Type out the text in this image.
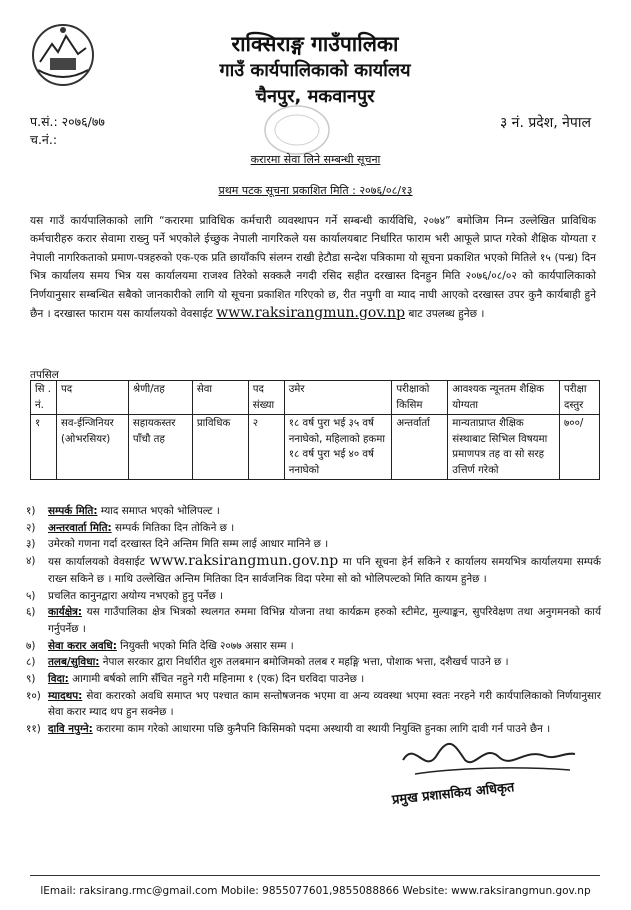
राक्सिराङ्ग गाउँपालिका
गाउँ कार्यपालिकाको कार्यालय
चैनपुर, मकवानपुर
प.सं.: २०७६/७७
च.नं.:
३ नं. प्रदेश, नेपाल
करारमा सेवा लिने सम्बन्धी सूचना
प्रथम पटक सूचना प्रकाशित मिति : २०७६/०८/१३
यस गाउँ कार्यपालिकाको लागि “करारमा प्राविधिक कर्मचारी व्यवस्थापन गर्ने सम्बन्धी कार्यविधि, २०७४” बमोजिम निम्न उल्लेखित प्राविधिक कर्मचारीहरु करार सेवामा राख्नु पर्ने भएकोले ईच्छुक नेपाली नागरिकले यस कार्यालयबाट निर्धारित फाराम भरी आफूले प्राप्त गरेको शैक्षिक योग्यता र नेपाली नागरिकताको प्रमाण-पत्रहरुको एक-एक प्रति छायाँकपि संलग्न राखी हेटौडा सन्देश पत्रिकामा यो सूचना प्रकाशित भएको मितिले १५ (पन्ध्र) दिन भित्र कार्यालय समय भित्र यस कार्यालयमा राजश्व तिरेको सक्कलै नगदी रसिद सहीत दरखास्त दिनहुन मिति २०७६/०८/०२ को कार्यपालिकाको निर्णयानुसार सम्बन्धित सबैको जानकारीको लागि यो सूचना प्रकाशित गरिएको छ, रीत नपुगी वा म्याद नाघी आएको दरखास्त उपर कुनै कार्यबाही हुने छैन । दरखास्त फाराम यस कार्यालयको वेवसाईट www.raksirangmun.gov.np बाट उपलब्ध हुनेछ ।
तपसिल
सि . नं.	पद	श्रेणी/तह	सेवा	पद संख्या	उमेर	परीक्षाको किसिम	आवश्यक न्यूनतम शैक्षिक योग्यता	परीक्षा दस्तुर
१	सव-ईन्जिनियर (ओभरसियर)	सहायकस्तर पाँचौ तह	प्राविधिक	२	१८ वर्ष पुरा भई ३५ वर्ष ननाघेको, महिलाको हकमा १८ वर्ष पुरा भई ४० वर्ष ननाघेको	अन्तर्वार्ता	मान्यताप्राप्त शैक्षिक संस्थाबाट सिभिल विषयमा प्रमाणपत्र तह वा सो सरह उत्तिर्ण गरेको	७००/
१)	सम्पर्क मिति: म्याद समाप्त भएको भोलिपल्ट ।
२)	अन्तरवार्ता मिति: सम्पर्क मितिका दिन तोकिने छ ।
३)	उमेरको गणना गर्दा दरखास्त दिने अन्तिम मिति सम्म लाई आधार मानिने छ ।
४)	यस कार्यालयको वेवसाईट www.raksirangmun.gov.np मा पनि सूचना हेर्न सकिने र कार्यालय समयभित्र कार्यालयमा सम्पर्क राख्न सकिने छ । माथि उल्लेखित अन्तिम मितिका दिन सार्वजनिक विदा परेमा सो को भोलिपल्टको मिति कायम हुनेछ ।
५)	प्रचलित कानुनद्वारा अयोग्य नभएको हुनु पर्नेछ ।
६)	कार्यक्षेत्र: यस गाउँपालिका क्षेत्र भित्रको स्थलगत रुममा विभिन्न योजना तथा कार्यक्रम हरुको स्टीमेट, मुल्याङ्कन, सुपरिवेक्षण तथा अनुगमनको कार्य गर्नुपर्नेछ ।
७)	सेवा करार अवधि: नियुक्ती भएको मिति देखि २०७७ असार सम्म ।
८)	तलब/सुविधा: नेपाल सरकार द्वारा निर्धारीत शुरु तलबमान बमोजिमको तलब र महङ्गि भत्ता, पोशाक भत्ता, दशैखर्च पाउने छ ।
९)	विदा: आगामी बर्षको लागि सँचित नहुने गरी महिनामा १ (एक) दिन घरविदा पाउनेछ ।
१०) म्यादथप: सेवा करारको अवधि समाप्त भए पश्चात काम सन्तोषजनक भएमा वा अन्य व्यवस्था भएमा स्वतः नरहने गरी कार्यपालिकाको निर्णयानुसार सेवा करार म्याद थप हुन सक्नेछ ।
११) दावि नपुग्ने: करारमा काम गरेको आधारमा पछि कुनैपनि किसिमको पदमा अस्थायी वा स्थायी नियुक्ति हुनका लागि दावी गर्न पाउने छैन ।
प्रमुख प्रशासकिय अधिकृत
lEmail: raksirang.rmc@gmail.com Mobile: 9855077601,9855088866 Website: www.raksirangmun.gov.np
